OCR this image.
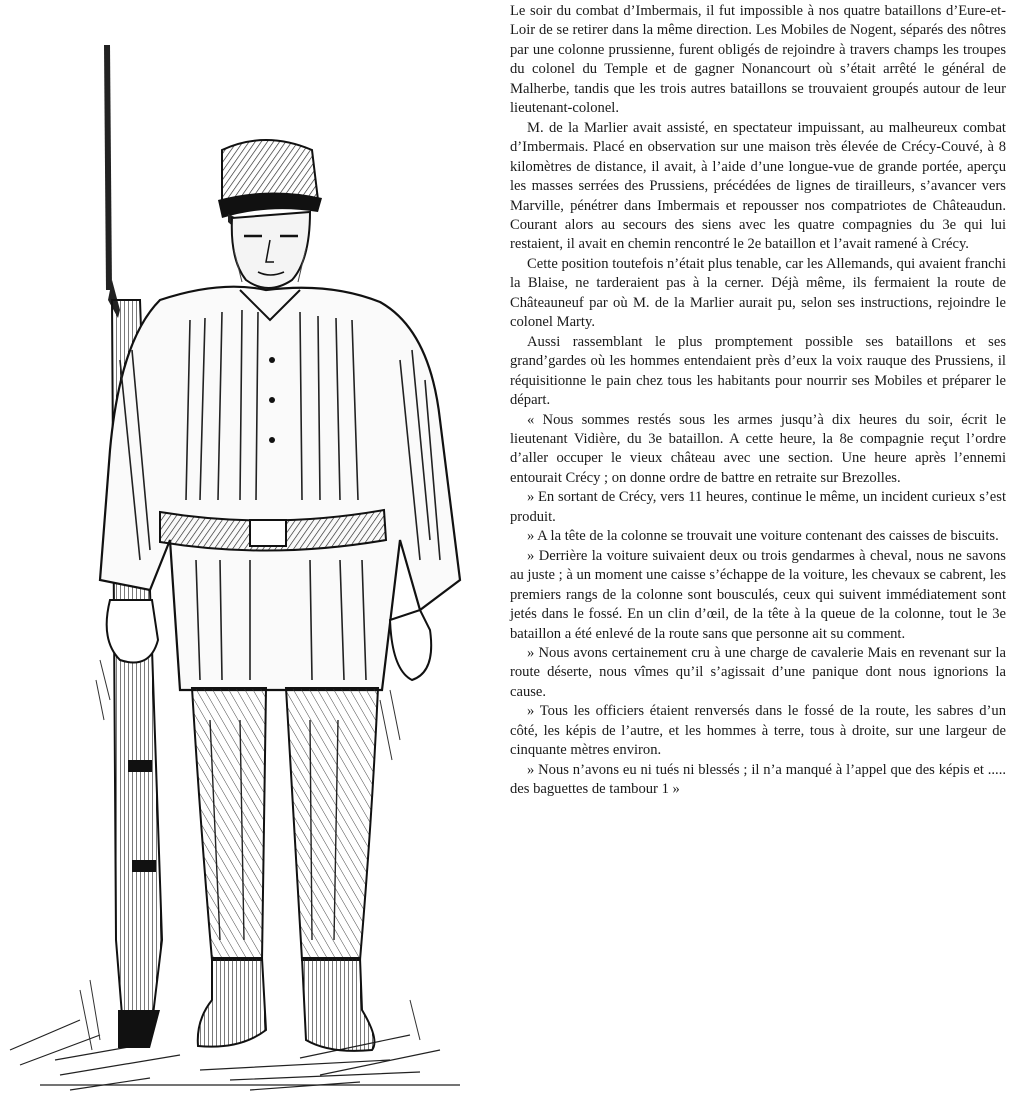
Le soir du combat d’Imbermais, il fut impossible à nos quatre bataillons d’Eure-et-Loir de se retirer dans la même direction. Les Mobiles de Nogent, séparés des nôtres par une colonne prussienne, furent obligés de rejoindre à travers champs les troupes du colonel du Temple et de gagner Nonancourt où s’était arrêté le général de Malherbe, tandis que les trois autres bataillons se trouvaient groupés autour de leur lieutenant-colonel.

M. de la Marlier avait assisté, en spectateur impuissant, au malheureux combat d’Imbermais. Placé en observation sur une maison très élevée de Crécy-Couvé, à 8 kilomètres de distance, il avait, à l’aide d’une longue-vue de grande portée, aperçu les masses serrées des Prussiens, précédées de lignes de tirailleurs, s’avancer vers Marville, pénétrer dans Imbermais et repousser nos compatriotes de Châteaudun. Courant alors au secours des siens avec les quatre compagnies du 3e qui lui restaient, il avait en chemin rencontré le 2e bataillon et l’avait ramené à Crécy.

Cette position toutefois n’était plus tenable, car les Allemands, qui avaient franchi la Blaise, ne tarderaient pas à la cerner. Déjà même, ils fermaient la route de Châteauneuf par où M. de la Marlier aurait pu, selon ses instructions, rejoindre le colonel Marty.

Aussi rassemblant le plus promptement possible ses bataillons et ses grand’gardes où les hommes entendaient près d’eux la voix rauque des Prussiens, il réquisitionne le pain chez tous les habitants pour nourrir ses Mobiles et préparer le départ.

« Nous sommes restés sous les armes jusqu’à dix heures du soir, écrit le lieutenant Vidière, du 3e bataillon. A cette heure, la 8e compagnie reçut l’ordre d’aller occuper le vieux château avec une section. Une heure après l’ennemi entourait Crécy ; on donne ordre de battre en retraite sur Brezolles.

» En sortant de Crécy, vers 11 heures, continue le même, un incident curieux s’est produit.

» A la tête de la colonne se trouvait une voiture contenant des caisses de biscuits.

» Derrière la voiture suivaient deux ou trois gendarmes à cheval, nous ne savons au juste ; à un moment une caisse s’échappe de la voiture, les chevaux se cabrent, les premiers rangs de la colonne sont bousculés, ceux qui suivent immédiatement sont jetés dans le fossé. En un clin d’œil, de la tête à la queue de la colonne, tout le 3e bataillon a été enlevé de la route sans que personne ait su comment.

» Nous avons certainement cru à une charge de cavalerie Mais en revenant sur la route déserte, nous vîmes qu’il s’agissait d’une panique dont nous ignorions la cause.

» Tous les officiers étaient renversés dans le fossé de la route, les sabres d’un côté, les képis de l’autre, et les hommes à terre, tous à droite, sur une largeur de cinquante mètres environ.

» Nous n’avons eu ni tués ni blessés ; il n’a manqué à l’appel que des képis et ..... des baguettes de tambour 1 »
